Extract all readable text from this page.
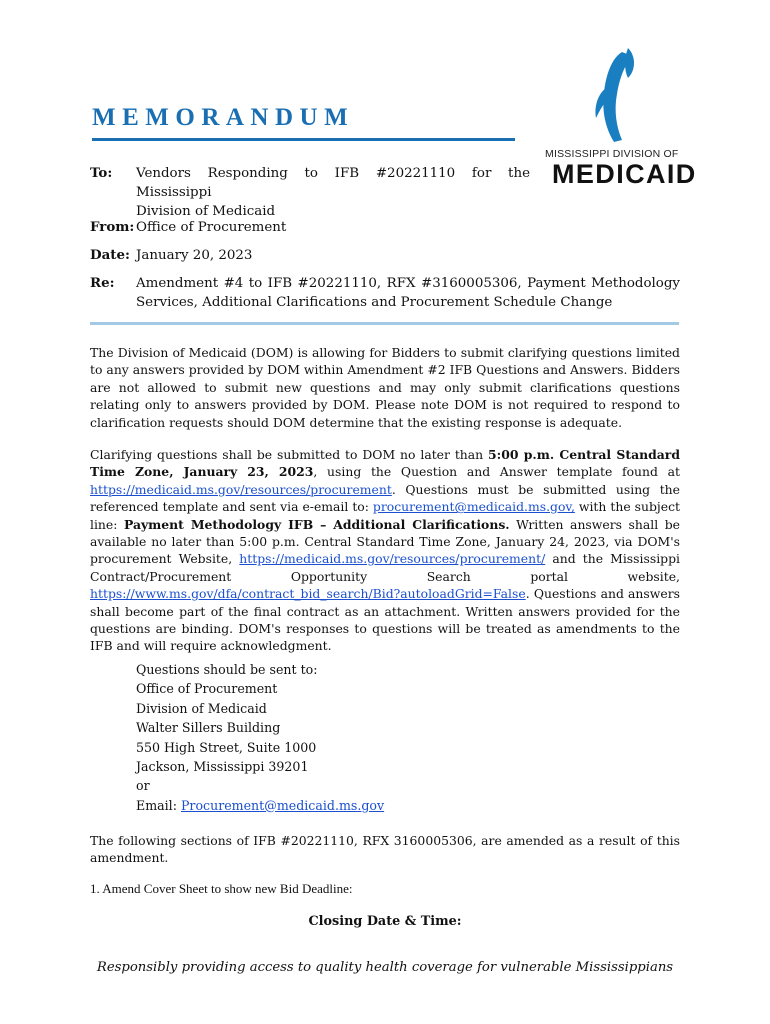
MEMORANDUM
MISSISSIPPI DIVISION OF
MEDICAID
To: Vendors Responding to IFB #20221110 for the Mississippi
Division of Medicaid
From: Office of Procurement
Date: January 20, 2023
Re: Amendment #4 to IFB #20221110, RFX #3160005306, Payment Methodology
Services, Additional Clarifications and Procurement Schedule Change
The Division of Medicaid (DOM) is allowing for Bidders to submit clarifying questions limited to any answers provided by DOM within Amendment #2 IFB Questions and Answers. Bidders are not allowed to submit new questions and may only submit clarifications questions relating only to answers provided by DOM. Please note DOM is not required to respond to clarification requests should DOM determine that the existing response is adequate.
Clarifying questions shall be submitted to DOM no later than 5:00 p.m. Central Standard Time Zone, January 23, 2023, using the Question and Answer template found at https://medicaid.ms.gov/resources/procurement. Questions must be submitted using the referenced template and sent via e-email to: procurement@medicaid.ms.gov, with the subject line: Payment Methodology IFB – Additional Clarifications. Written answers shall be available no later than 5:00 p.m. Central Standard Time Zone, January 24, 2023, via DOM's procurement Website, https://medicaid.ms.gov/resources/procurement/ and the Mississippi Contract/Procurement Opportunity Search portal website, https://www.ms.gov/dfa/contract_bid_search/Bid?autoloadGrid=False. Questions and answers shall become part of the final contract as an attachment. Written answers provided for the questions are binding. DOM's responses to questions will be treated as amendments to the IFB and will require acknowledgment.
Questions should be sent to:
Office of Procurement
Division of Medicaid
Walter Sillers Building
550 High Street, Suite 1000
Jackson, Mississippi 39201
or
Email: Procurement@medicaid.ms.gov
The following sections of IFB #20221110, RFX 3160005306, are amended as a result of this amendment.
1. Amend Cover Sheet to show new Bid Deadline:
Closing Date & Time:
Responsibly providing access to quality health coverage for vulnerable Mississippians
